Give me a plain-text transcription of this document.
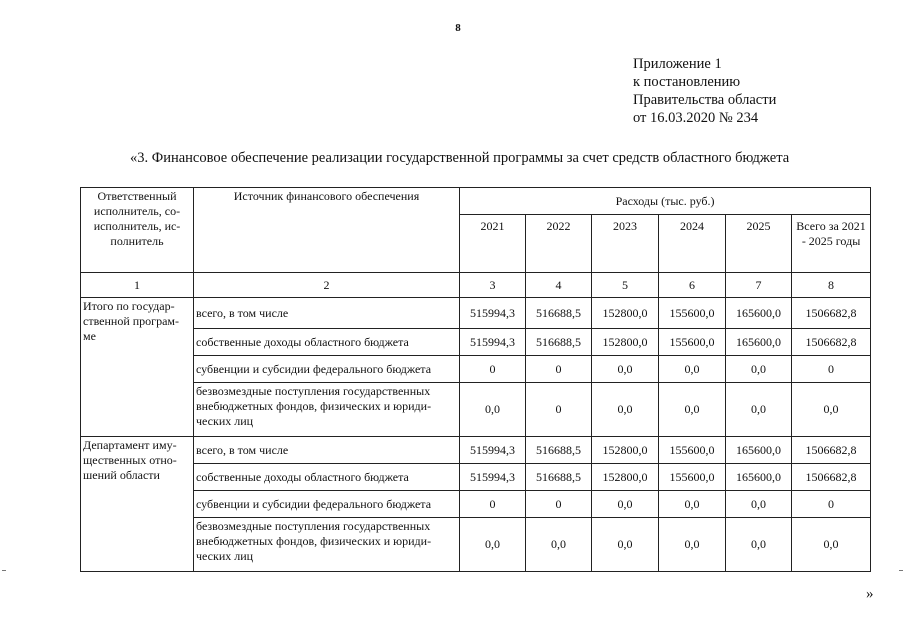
8
Приложение 1
к постановлению
Правительства области
от 16.03.2020 № 234
«3. Финансовое обеспечение реализации государственной программы за счет средств областного бюджета
Ответственный исполнитель, со-исполнитель, ис-полнитель	Источник финансового обеспечения	Расходы (тыс. руб.)					
		2021	2022	2023	2024	2025	Всего за 2021 - 2025 годы
1	2	3	4	5	6	7	8
Итого по государ-ственной програм-ме	всего, в том числе	515994,3	516688,5	152800,0	155600,0	165600,0	1506682,8
	собственные доходы областного бюджета	515994,3	516688,5	152800,0	155600,0	165600,0	1506682,8
	субвенции и субсидии федерального бюджета	0	0	0,0	0,0	0,0	0
	безвозмездные поступления государственных внебюджетных фондов, физических и юриди-ческих лиц	0,0	0	0,0	0,0	0,0	0,0
Департамент иму-щественных отно-шений области	всего, в том числе	515994,3	516688,5	152800,0	155600,0	165600,0	1506682,8
	собственные доходы областного бюджета	515994,3	516688,5	152800,0	155600,0	165600,0	1506682,8
	субвенции и субсидии федерального бюджета	0	0	0,0	0,0	0,0	0
	безвозмездные поступления государственных внебюджетных фондов, физических и юриди-ческих лиц	0,0	0,0	0,0	0,0	0,0	0,0
»
